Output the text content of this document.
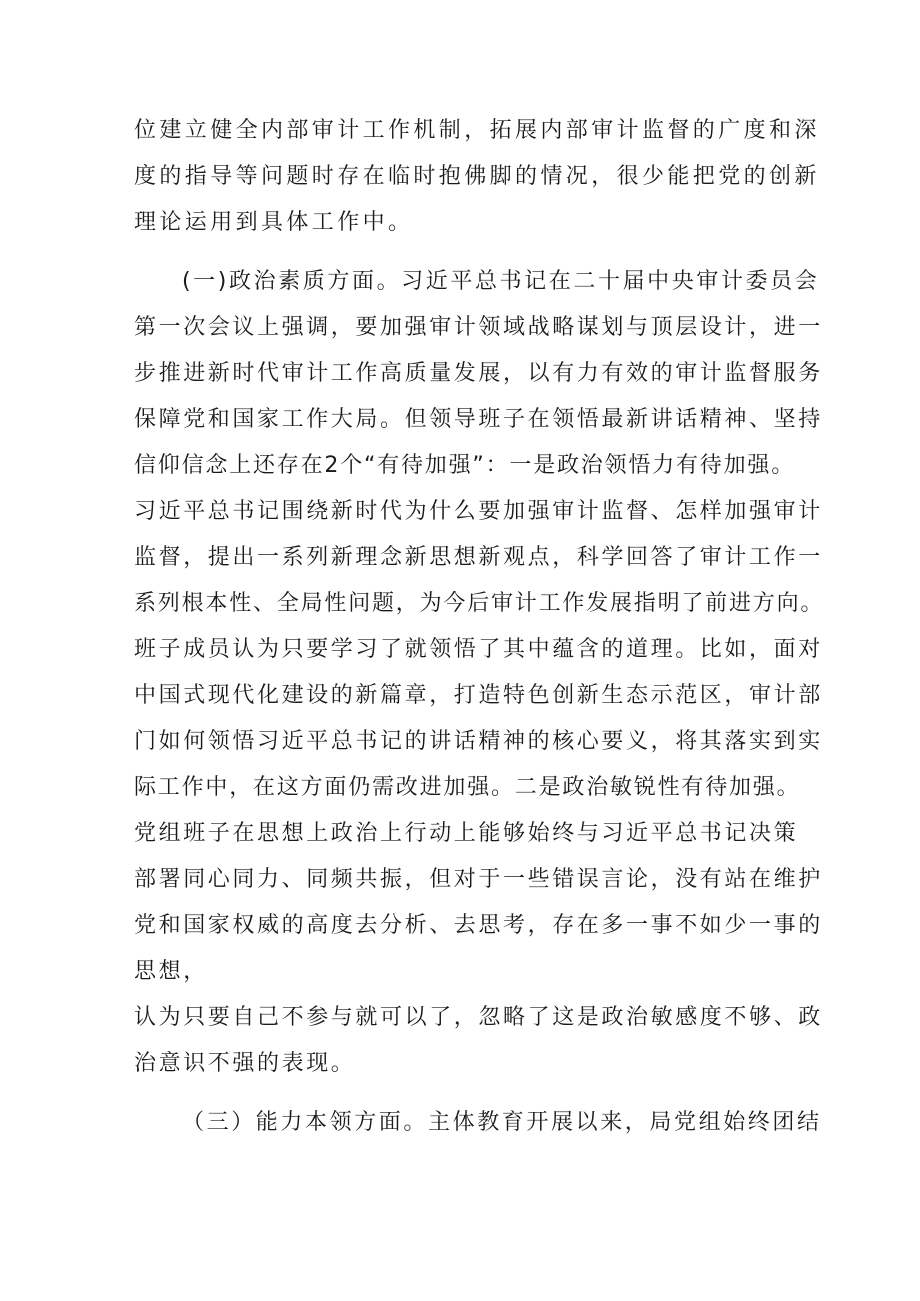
位建立健全内部审计工作机制，拓展内部审计监督的广度和深

度的指导等问题时存在临时抱佛脚的情况，很少能把党的创新

理论运用到具体工作中。

(一)政治素质方面。习近平总书记在二十届中央审计委员会

第一次会议上强调，要加强审计领域战略谋划与顶层设计，进一

步推进新时代审计工作高质量发展，以有力有效的审计监督服务

保障党和国家工作大局。但领导班子在领悟最新讲话精神、坚持

信仰信念上还存在2个“有待加强”：一是政治领悟力有待加强。

习近平总书记围绕新时代为什么要加强审计监督、怎样加强审计

监督，提出一系列新理念新思想新观点，科学回答了审计工作一

系列根本性、全局性问题，为今后审计工作发展指明了前进方向。

班子成员认为只要学习了就领悟了其中蕴含的道理。比如，面对

中国式现代化建设的新篇章，打造特色创新生态示范区，审计部

门如何领悟习近平总书记的讲话精神的核心要义，将其落实到实

际工作中，在这方面仍需改进加强。二是政治敏锐性有待加强。

党组班子在思想上政治上行动上能够始终与习近平总书记决策

部署同心同力、同频共振，但对于一些错误言论，没有站在维护

党和国家权威的高度去分析、去思考，存在多一事不如少一事的

思想，

认为只要自己不参与就可以了，忽略了这是政治敏感度不够、政

治意识不强的表现。

（三）能力本领方面。主体教育开展以来，局党组始终团结
